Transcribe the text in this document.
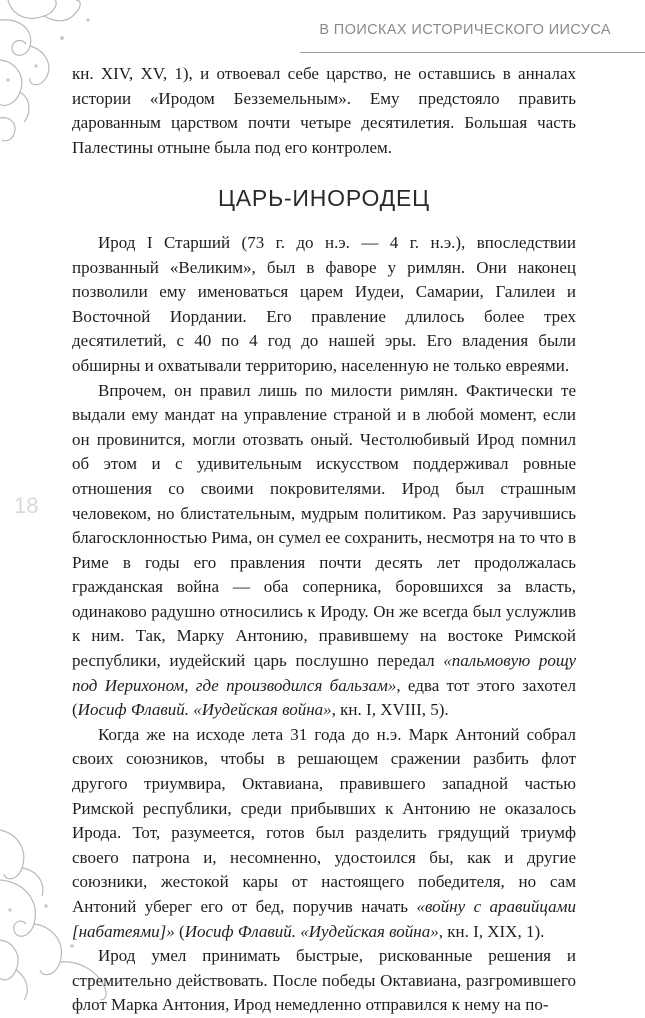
В ПОИСКАХ ИСТОРИЧЕСКОГО ИИСУСА
18

кн. XIV, XV, 1), и отвоевал себе царство, не оставшись в анналах истории «Иродом Безземельным». Ему предстояло править дарованным царством почти четыре десятилетия. Большая часть Палестины отныне была под его контролем.

ЦАРЬ-ИНОРОДЕЦ

Ирод I Старший (73 г. до н.э. — 4 г. н.э.), впоследствии прозванный «Великим», был в фаворе у римлян. Они наконец позволили ему именоваться царем Иудеи, Самарии, Галилеи и Восточной Иордании. Его правление длилось более трех десятилетий, с 40 по 4 год до нашей эры. Его владения были обширны и охватывали территорию, населенную не только евреями.

Впрочем, он правил лишь по милости римлян. Фактически те выдали ему мандат на управление страной и в любой момент, если он провинится, могли отозвать оный. Честолюбивый Ирод помнил об этом и с удивительным искусством поддерживал ровные отношения со своими покровителями. Ирод был страшным человеком, но блистательным, мудрым политиком. Раз заручившись благосклонностью Рима, он сумел ее сохранить, несмотря на то что в Риме в годы его правления почти десять лет продолжалась гражданская война — оба соперника, боровшихся за власть, одинаково радушно относились к Ироду. Он же всегда был услужлив к ним. Так, Марку Антонию, правившему на востоке Римской республики, иудейский царь послушно передал «пальмовую рощу под Иерихоном, где производился бальзам», едва тот этого захотел (Иосиф Флавий. «Иудейская война», кн. I, XVIII, 5).

Когда же на исходе лета 31 года до н.э. Марк Антоний собрал своих союзников, чтобы в решающем сражении разбить флот другого триумвира, Октавиана, правившего западной частью Римской республики, среди прибывших к Антонию не оказалось Ирода. Тот, разумеется, готов был разделить грядущий триумф своего патрона и, несомненно, удостоился бы, как и другие союзники, жестокой кары от настоящего победителя, но сам Антоний уберег его от бед, поручив начать «войну с аравийцами [набатеями]» (Иосиф Флавий. «Иудейская война», кн. I, XIX, 1).

Ирод умел принимать быстрые, рискованные решения и стремительно действовать. После победы Октавиана, разгромившего флот Марка Антония, Ирод немедленно отправился к нему на по-
